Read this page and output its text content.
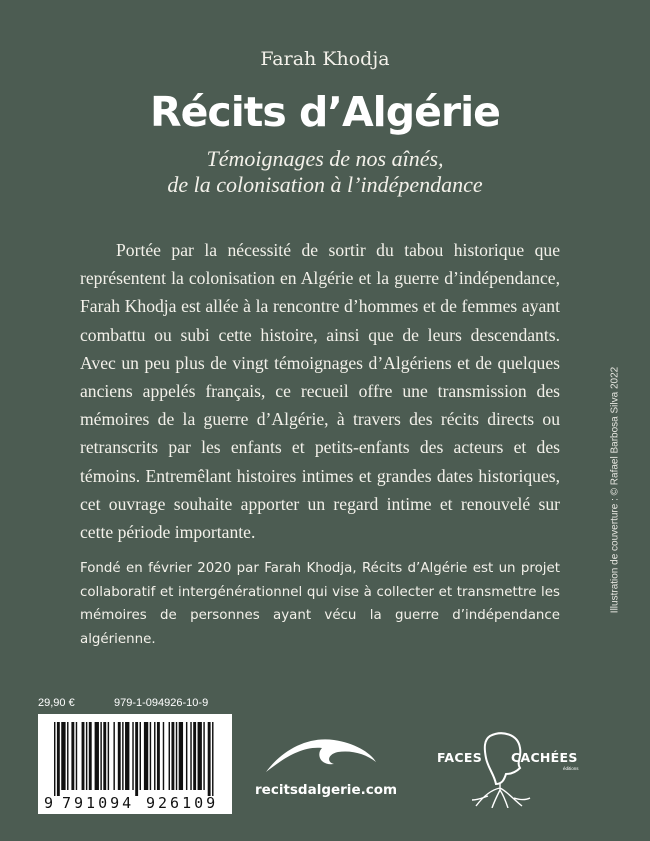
Farah Khodja
Récits d’Algérie
Témoignages de nos aînés,
de la colonisation à l’indépendance
Portée par la nécessité de sortir du tabou historique que représentent la colonisation en Algérie et la guerre d’indépendance, Farah Khodja est allée à la rencontre d’hommes et de femmes ayant combattu ou subi cette histoire, ainsi que de leurs descendants. Avec un peu plus de vingt témoignages d’Algériens et de quelques anciens appelés français, ce recueil offre une transmission des mémoires de la guerre d’Algérie, à travers des récits directs ou retranscrits par les enfants et petits-enfants des acteurs et des témoins. Entremêlant histoires intimes et grandes dates historiques, cet ouvrage souhaite apporter un regard intime et renouvelé sur cette période importante.
Fondé en février 2020 par Farah Khodja, Récits d’Algérie est un projet collaboratif et intergénérationnel qui vise à collecter et transmettre les mémoires de personnes ayant vécu la guerre d’indépendance algérienne.
Illustration de couverture : © Rafael Barbosa Silva 2022
29,90 €	979-1-094926-10-9
9 791094 926109
recitsdalgerie.com
FACES CACHÉES
éditions
